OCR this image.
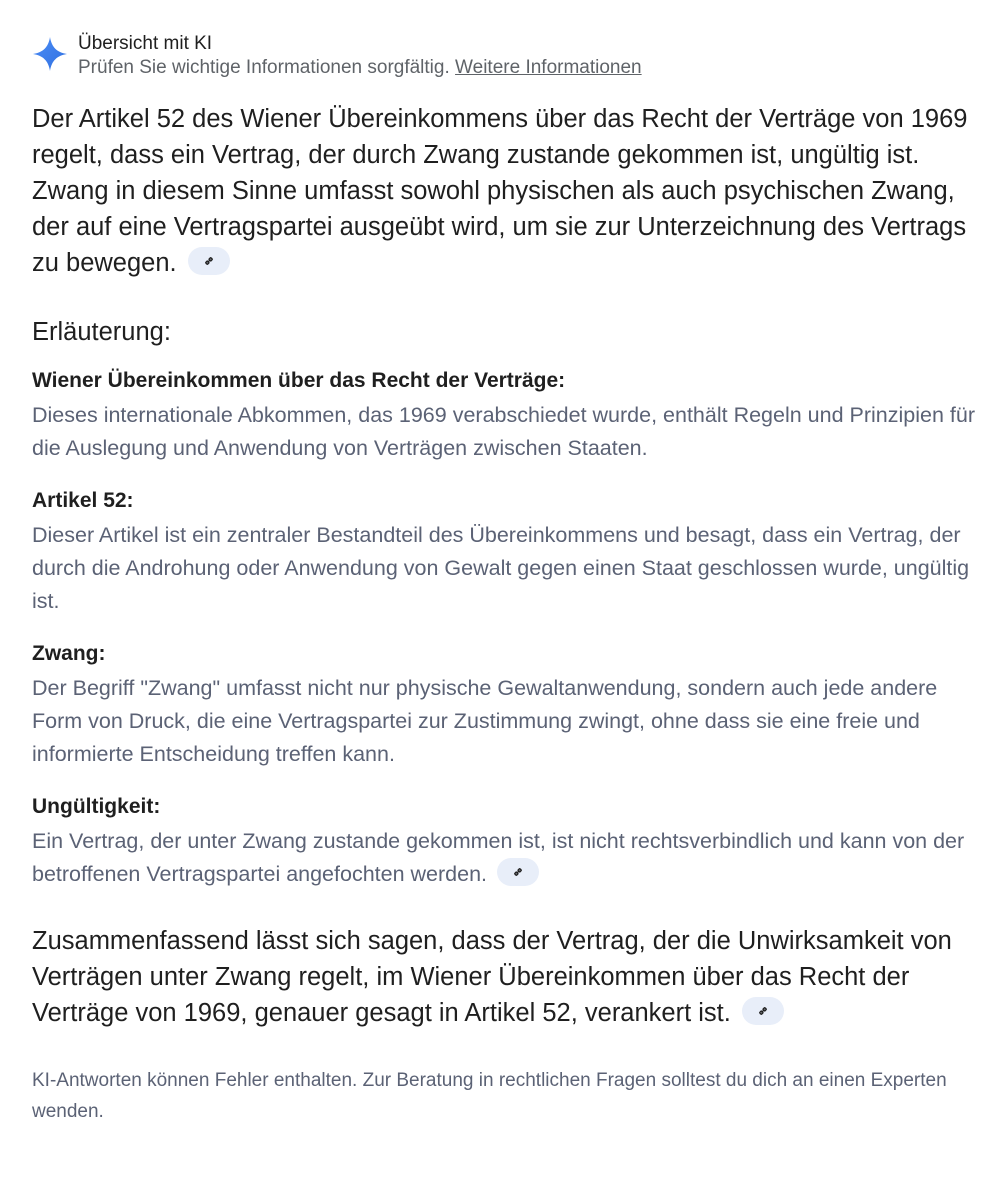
Übersicht mit KI
Prüfen Sie wichtige Informationen sorgfältig. Weitere Informationen

Der Artikel 52 des Wiener Übereinkommens über das Recht der Verträge von 1969 regelt, dass ein Vertrag, der durch Zwang zustande gekommen ist, ungültig ist. Zwang in diesem Sinne umfasst sowohl physischen als auch psychischen Zwang, der auf eine Vertragspartei ausgeübt wird, um sie zur Unterzeichnung des Vertrags zu bewegen.

Erläuterung:

Wiener Übereinkommen über das Recht der Verträge:

Dieses internationale Abkommen, das 1969 verabschiedet wurde, enthält Regeln und Prinzipien für die Auslegung und Anwendung von Verträgen zwischen Staaten.

Artikel 52:

Dieser Artikel ist ein zentraler Bestandteil des Übereinkommens und besagt, dass ein Vertrag, der durch die Androhung oder Anwendung von Gewalt gegen einen Staat geschlossen wurde, ungültig ist.

Zwang:

Der Begriff "Zwang" umfasst nicht nur physische Gewaltanwendung, sondern auch jede andere Form von Druck, die eine Vertragspartei zur Zustimmung zwingt, ohne dass sie eine freie und informierte Entscheidung treffen kann.

Ungültigkeit:

Ein Vertrag, der unter Zwang zustande gekommen ist, ist nicht rechtsverbindlich und kann von der betroffenen Vertragspartei angefochten werden.

Zusammenfassend lässt sich sagen, dass der Vertrag, der die Unwirksamkeit von Verträgen unter Zwang regelt, im Wiener Übereinkommen über das Recht der Verträge von 1969, genauer gesagt in Artikel 52, verankert ist.

KI-Antworten können Fehler enthalten. Zur Beratung in rechtlichen Fragen solltest du dich an einen Experten wenden.
